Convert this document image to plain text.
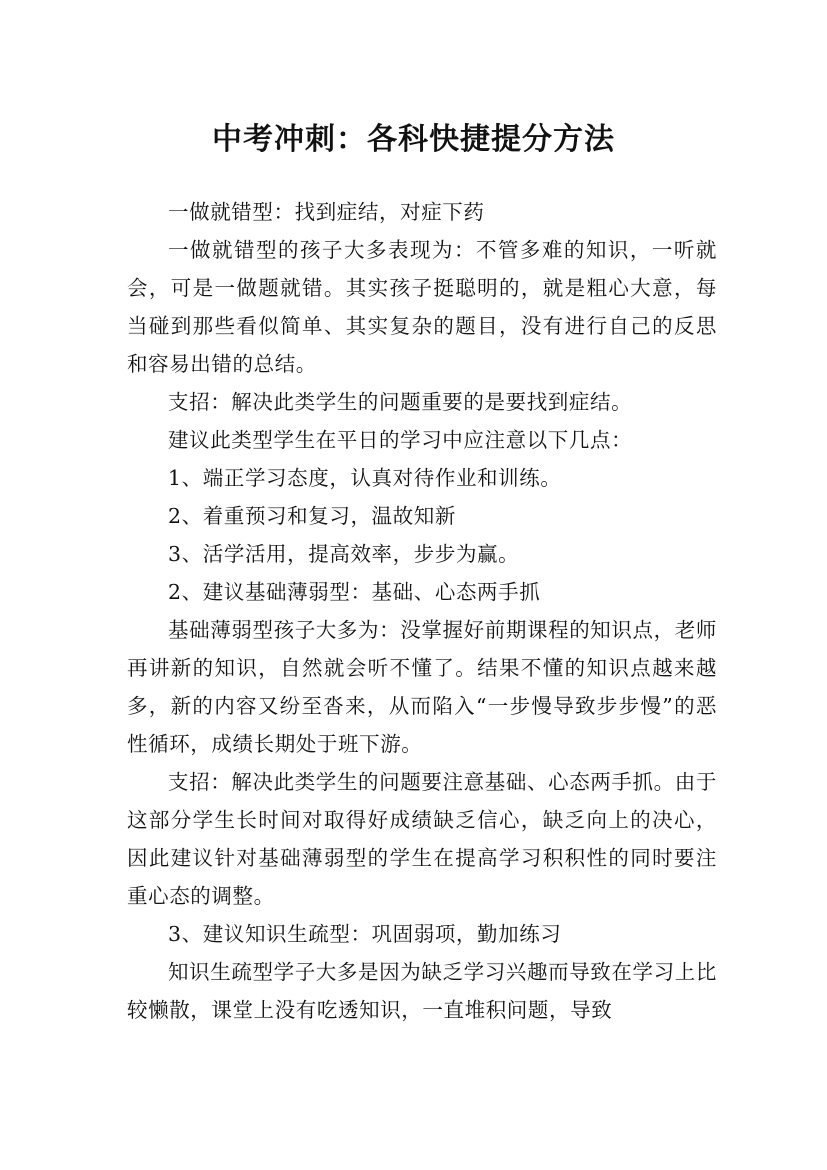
中考冲刺：各科快捷提分方法

一做就错型：找到症结，对症下药

一做就错型的孩子大多表现为：不管多难的知识，一听就会，可是一做题就错。其实孩子挺聪明的，就是粗心大意，每当碰到那些看似简单、其实复杂的题目，没有进行自己的反思和容易出错的总结。

支招：解决此类学生的问题重要的是要找到症结。

建议此类型学生在平日的学习中应注意以下几点：

1、端正学习态度，认真对待作业和训练。

2、着重预习和复习，温故知新

3、活学活用，提高效率，步步为赢。

2、建议基础薄弱型：基础、心态两手抓

基础薄弱型孩子大多为：没掌握好前期课程的知识点，老师再讲新的知识，自然就会听不懂了。结果不懂的知识点越来越多，新的内容又纷至沓来，从而陷入“一步慢导致步步慢”的恶性循环，成绩长期处于班下游。

支招：解决此类学生的问题要注意基础、心态两手抓。由于这部分学生长时间对取得好成绩缺乏信心，缺乏向上的决心，因此建议针对基础薄弱型的学生在提高学习积积性的同时要注重心态的调整。

3、建议知识生疏型：巩固弱项，勤加练习

知识生疏型学子大多是因为缺乏学习兴趣而导致在学习上比较懒散，课堂上没有吃透知识，一直堆积问题，导致
